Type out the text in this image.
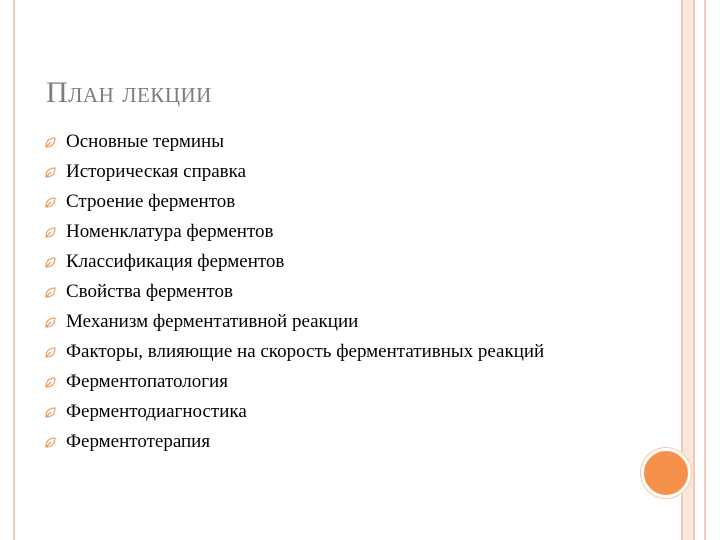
План лекции
Основные термины
Историческая справка
Строение ферментов
Номенклатура ферментов
Классификация ферментов
Свойства ферментов
Механизм ферментативной реакции
Факторы, влияющие на скорость ферментативных реакций
Ферментопатология
Ферментодиагностика
Ферментотерапия
